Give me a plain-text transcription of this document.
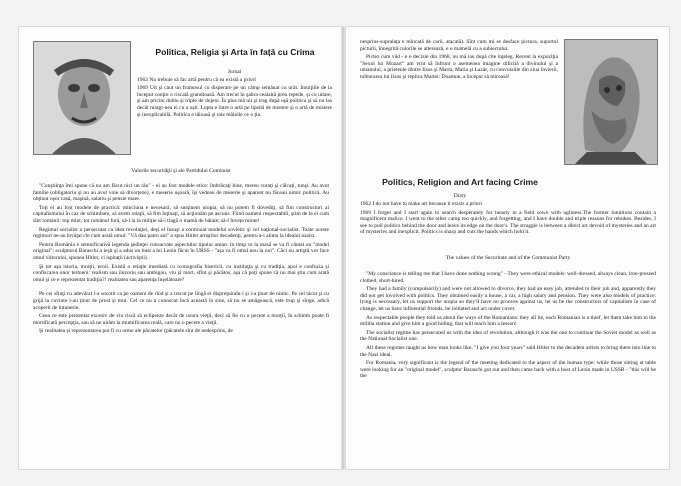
Politica, Religia și Arta în față cu Crima
Jurnal

1962 Nu trebuie să fac artă pentru că ea există a priori

1969 Uit şi caut un frumosul cu disperare pe un câmp semănat cu urât. Intuiţiile de la început conţin o riscată grandioasă. Am trecut în şabra cealaltă prea repede, şi cu uitare, şi am pricini dublu şi triple de dojeni. În plus mă uit şi trag după uşă politica şi să nu las decât margi-nea ei cu a uşii. Lupta e între o artă pe lipsită de mistere şi o artă de mistere şi inexplicabilă. Politica e tăioasă şi taie mâinile ce o ţin.

Valorile securităţii şi ale Partidului Comunist

"Conştiinţa îmi spune că nu am făcut nici un rău" - ei au fost modele etice: îmbrăcaţi bine, mereu curaţi şi călcaţi, tunşi. Au avut familie (obligatoriu şi nu au avut voie să divorţeze), e meserie uşoară, îşi vedeau de meserie şi aparent nu făceau nimic politică. Au obţinut uşor casă, maşină, salariu şi pensie mare.

Toţi ei au fost modele de practică: minciuna e necesară, să susţinem utopia, să nu putem fi dovediţi, să fim constructori ai capitalismului în caz de schimbare, să avem relaţii, să fim înţinaţi, să acţionăm pe ascuns. Fiind oameni respectabili, ştim de la ei cum sînt românii: top mint, tot românul fură, să-l ia la miliţie să-i tragă o mamă de bătaie; să-l învețe minte!

Regimul socialist a persecutat cu idea revoluţiei, deşi el însuşi a continuat modelul sovietic şi cel naţional-socialist. Toate aceste regimuri ne-au învăţat cle cum arată omul: "Vă dau patru ani" a spus Hitler artiştilor decadenţi, pentru a-i alinta la idealul nazist.

Pentru România e semnificativă legenda şedinţei consacrate aspectului tipului uman: în timp ce la masă se va fi căutat un "model original"; sculptorul Baraschi a ieşit şi a adus un bust a lui Lenin făcut în URSS - "aşa va fi omul nou la noi". Căci nu artiştii vor face omul viitorului, spunea Hitler, ci ispitaţii (activiştii).

Şi tot aşa istoria, morţii, eroii. Există o relaţie imediată cu iconografia bisericii, cu instituţia şi cu tradiţia, apoi e confuzia şi confiscarea unor termeni: realism sau iluzoriu sau ambiguu, viu şi mort, sfînt şi păcătos, aşa că poţi spune că nu mai ştiu cum arată omul şi ce e reprezentat tradiţia?! realitatea sau aparenţa înşelătoare?

Pe cei sfinţi cu adevărat i-a socotit ca pe oameni de rînd şi a trecut pe lîngă ei dispreţuindu-i şi i-a ţinut de nimic. Pe cel tăcut şi cu grijă la cuvinte l-au ţinut de prost şi mut. Cel ce nu a cunoscut încă această în sine, să nu se amăgească, este trup şi sînge, adică acoperit de întunerie.

Ceea ce este prezentat excesiv de viu riscă să eclipseze decât de uzura vieţii, deci să fie cu o pecete a morţii, în schimb poate fi mortificată percepţia, sau să ne uităm la mumificarea reală, care nu o pecete a vieţii.

Şi realitatea şi reprezentarea pot fi cu urme ale păcatelor (păcatele sînt de nedesprins, de

nesprins-supralaţa e mîncată de carii, atacată). Sînt cum mi se desface pictura, suportul picturii, înnegrită culorile se alterează, e o mamelă cu a subiectului.

Pictez cum văd - e o decizie din 1968, nu mă iau după cîte înţeleg. Recent la expoziţia "Sexul lui Mozart" am vrut să înfrunt o asemenea imagine dificilă a divinului şi a umanului, a prietenie dintre Iisus şi Marta, Maria şi Lazăr, cu convulsiile din ziua învierii, tulburarea lui Iisus şi replica Martei: Doamne, a început să miroasă!

Politics, Religion and Art facing Crime
Diary

1962 I do not have to make art because it exists a priori

1969 I forget and I start again to search desperately for beauty in a field sown with ugliness.The former intuitions contain a magnificent malice. I went to the other camp too quickly, and forgetting, and I have double and triple reasons for rebukes. Besides, I see to pull politics behind the door and leave its edge on the door's. The struggle is between a direct art devoid of mysteries and an art of mysteries and inexplicit. Politics is sharp and cuts the hands which hold it.

The values of the Securitate and of the Communist Party

"My conscience is telling me that I have done nothing wrong" - They were ethical models: well-dressed, always clean, iron-pressed clothed, short-hired.

They had a family (compulsorily) and were not allowed to divorce, they had an easy job, attended to their job and, apparently they did not get involved with politics. They obtained easily a house, a car, a high salary and pension. They were also models of practice: lying is necessary, let us support the utopia so they'll have no prooves against us, let us be the constructors of capitalism in case of change, let us have influential friends, be initiated and act under cover.

As respectable people they told us about the ways of the Romanians: they all lie, each Romanian is a thief, let them take him to the militia station and give him a good hiding, that will teach him a lesson!

The socialist regime has persecuted us with the idea of revolution, although it was the one to continue the Soviet model as well as the National Socialist one.

All these regimes taught us how man looks like. "I give you four years" said Hitler to the decadent artists to bring them into line to the Nazi ideal.

For Romania, very significant is the legend of the meeting dedicated to the aspect of the human type: while those sitting at table were looking for an "original model", sculptor Baraschi got out and then came back with a bust of Lenin made in USSR - "this will be the
